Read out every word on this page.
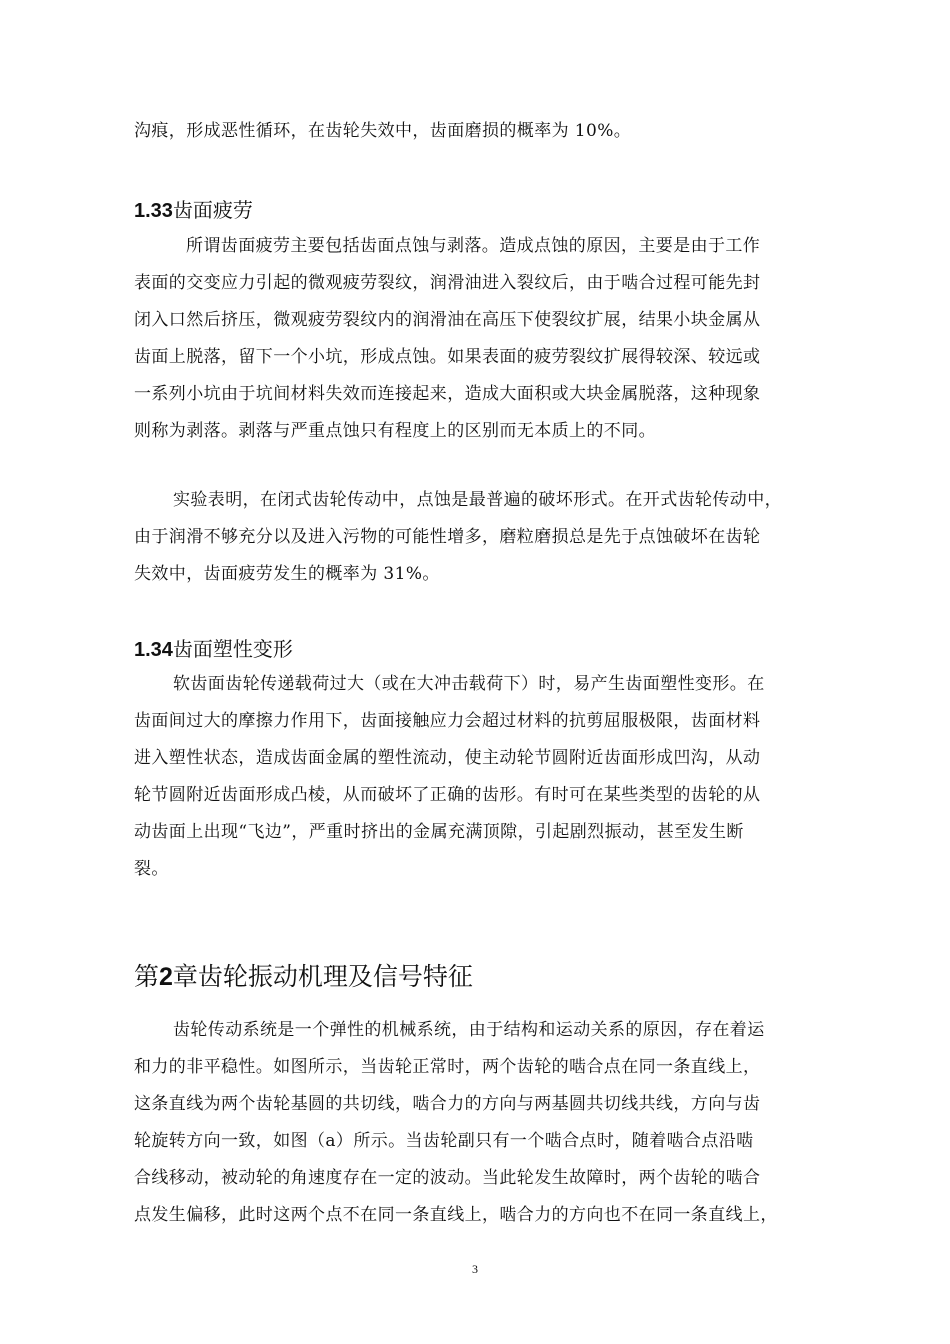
沟痕，形成恶性循环，在齿轮失效中，齿面磨损的概率为 10%。
1.33齿面疲劳
所谓齿面疲劳主要包括齿面点蚀与剥落。造成点蚀的原因，主要是由于工作
表面的交变应力引起的微观疲劳裂纹，润滑油进入裂纹后，由于啮合过程可能先封
闭入口然后挤压，微观疲劳裂纹内的润滑油在高压下使裂纹扩展，结果小块金属从
齿面上脱落，留下一个小坑，形成点蚀。如果表面的疲劳裂纹扩展得较深、较远或
一系列小坑由于坑间材料失效而连接起来，造成大面积或大块金属脱落，这种现象
则称为剥落。剥落与严重点蚀只有程度上的区别而无本质上的不同。
实验表明，在闭式齿轮传动中，点蚀是最普遍的破坏形式。在开式齿轮传动中，
由于润滑不够充分以及进入污物的可能性增多，磨粒磨损总是先于点蚀破坏在齿轮
失效中，齿面疲劳发生的概率为 31%。
1.34齿面塑性变形
软齿面齿轮传递载荷过大（或在大冲击载荷下）时，易产生齿面塑性变形。在
齿面间过大的摩擦力作用下，齿面接触应力会超过材料的抗剪屈服极限，齿面材料
进入塑性状态，造成齿面金属的塑性流动，使主动轮节圆附近齿面形成凹沟，从动
轮节圆附近齿面形成凸棱，从而破坏了正确的齿形。有时可在某些类型的齿轮的从
动齿面上出现“飞边”，严重时挤出的金属充满顶隙，引起剧烈振动，甚至发生断
裂。
第2章齿轮振动机理及信号特征
齿轮传动系统是一个弹性的机械系统，由于结构和运动关系的原因，存在着运
和力的非平稳性。如图所示，当齿轮正常时，两个齿轮的啮合点在同一条直线上，
这条直线为两个齿轮基圆的共切线，啮合力的方向与两基圆共切线共线，方向与齿
轮旋转方向一致，如图（a）所示。当齿轮副只有一个啮合点时，随着啮合点沿啮
合线移动，被动轮的角速度存在一定的波动。当此轮发生故障时，两个齿轮的啮合
点发生偏移，此时这两个点不在同一条直线上，啮合力的方向也不在同一条直线上，
3
